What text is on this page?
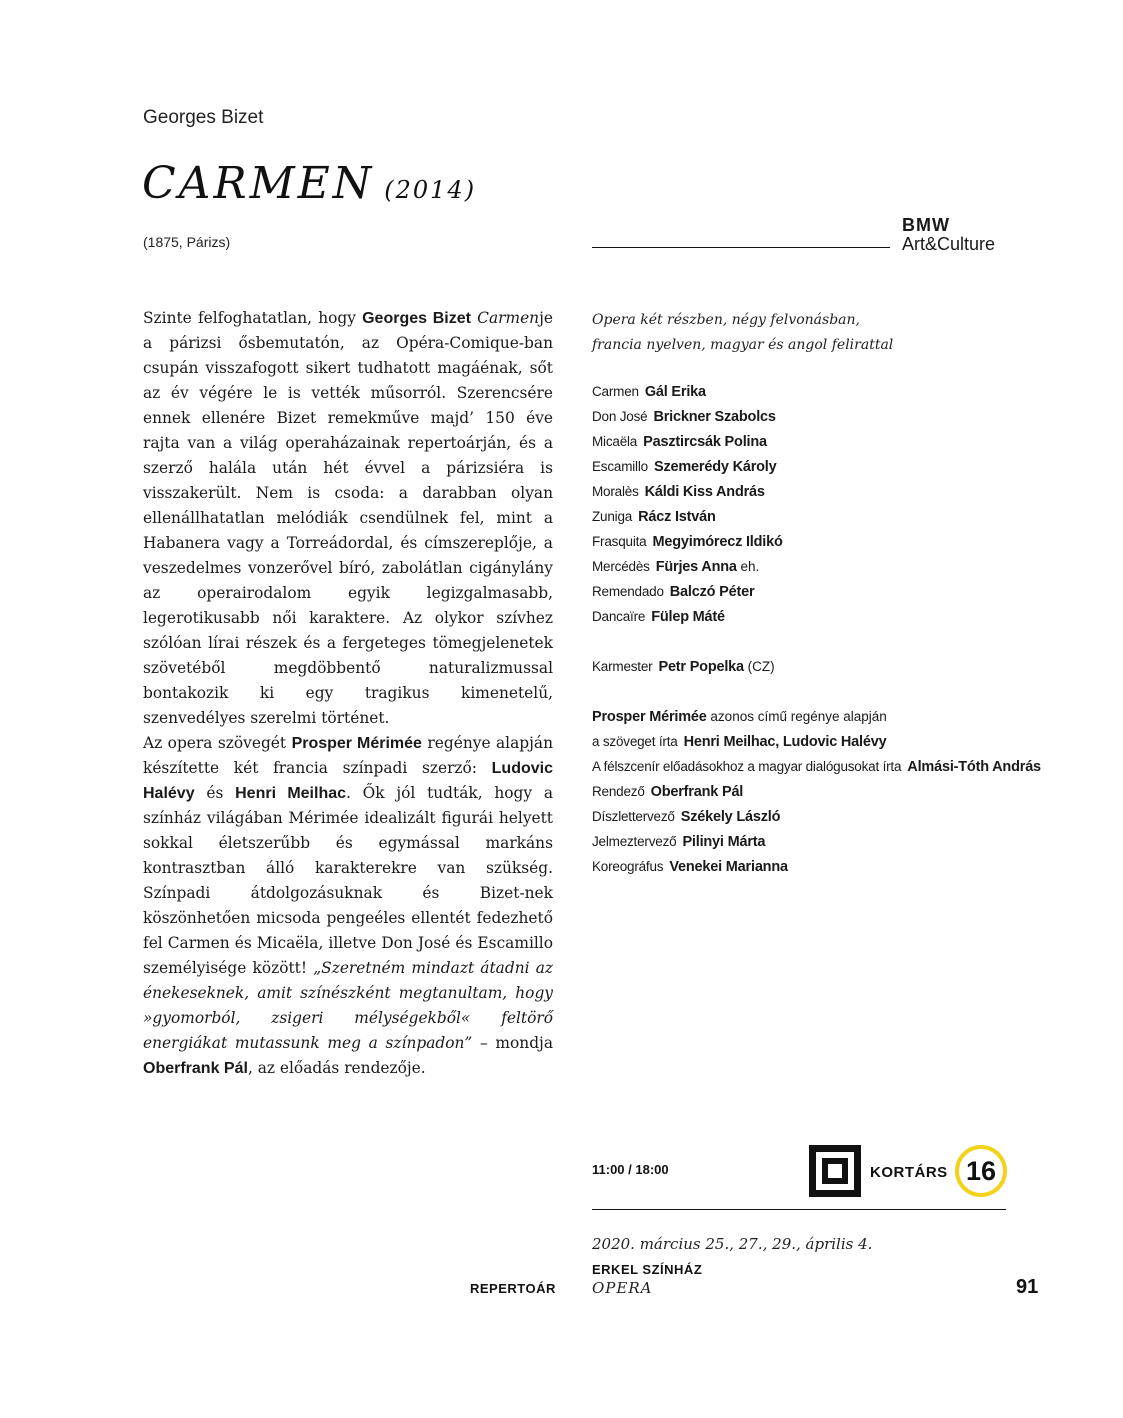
Georges Bizet
CARMEN (2014)
(1875, Párizs)
BMW
Art&Culture

Szinte felfoghatatlan, hogy Georges Bizet Carmenje a párizsi ősbemutatón, az Opéra-Comique-ban csupán visszafogott sikert tudhatott magáénak, sőt az év végére le is vették műsorról. Szerencsére ennek ellenére Bizet remekműve majd’ 150 éve rajta van a világ operaházainak repertoárján, és a szerző halála után hét évvel a párizsiéra is visszakerült. Nem is csoda: a darabban olyan ellenállhatatlan melódiák csendülnek fel, mint a Habanera vagy a Torreádordal, és címszereplője, a veszedelmes vonzerővel bíró, zabolátlan cigánylány az operairodalom egyik legizgalmasabb, legerotikusabb női karaktere. Az olykor szívhez szólóan lírai részek és a fergeteges tömegjelenetek szövetéből megdöbbentő naturalizmussal bontakozik ki egy tragikus kimenetelű, szenvedélyes szerelmi történet.

Az opera szövegét Prosper Mérimée regénye alapján készítette két francia színpadi szerző: Ludovic Halévy és Henri Meilhac. Ők jól tudták, hogy a színház világában Mérimée idealizált figurái helyett sokkal életszerűbb és egymással markáns kontrasztban álló karakterekre van szükség. Színpadi átdolgozásuknak és Bizet-nek köszönhetően micsoda pengeéles ellentét fedezhető fel Carmen és Micaëla, illetve Don José és Escamillo személyisége között! „Szeretném mindazt átadni az énekeseknek, amit színészként megtanultam, hogy »gyomorból, zsigeri mélységekből« feltörő energiákat mutassunk meg a színpadon” – mondja Oberfrank Pál, az előadás rendezője.

Opera két részben, négy felvonásban,
francia nyelven, magyar és angol felirattal
Carmen Gál Erika
Don José Brickner Szabolcs
Micaëla Pasztircsák Polina
Escamillo Szemerédy Károly
Moralès Káldi Kiss András
Zuniga Rácz István
Frasquita Megyimórecz Ildikó
Mercédès Fürjes Anna eh.
Remendado Balczó Péter
Dancaïre Fülep Máté
Karmester Petr Popelka (CZ)
Prosper Mérimée azonos című regénye alapján
a szöveget írta Henri Meilhac, Ludovic Halévy
A félszcenír előadásokhoz a magyar dialógusokat írta Almási-Tóth András
Rendező Oberfrank Pál
Díszlettervező Székely László
Jelmeztervező Pilinyi Márta
Koreográfus Venekei Marianna
11:00 / 18:00	KORTÁRS 16
2020. március 25., 27., 29., április 4.
ERKEL SZÍNHÁZ
REPERTOÁR OPERA	91
